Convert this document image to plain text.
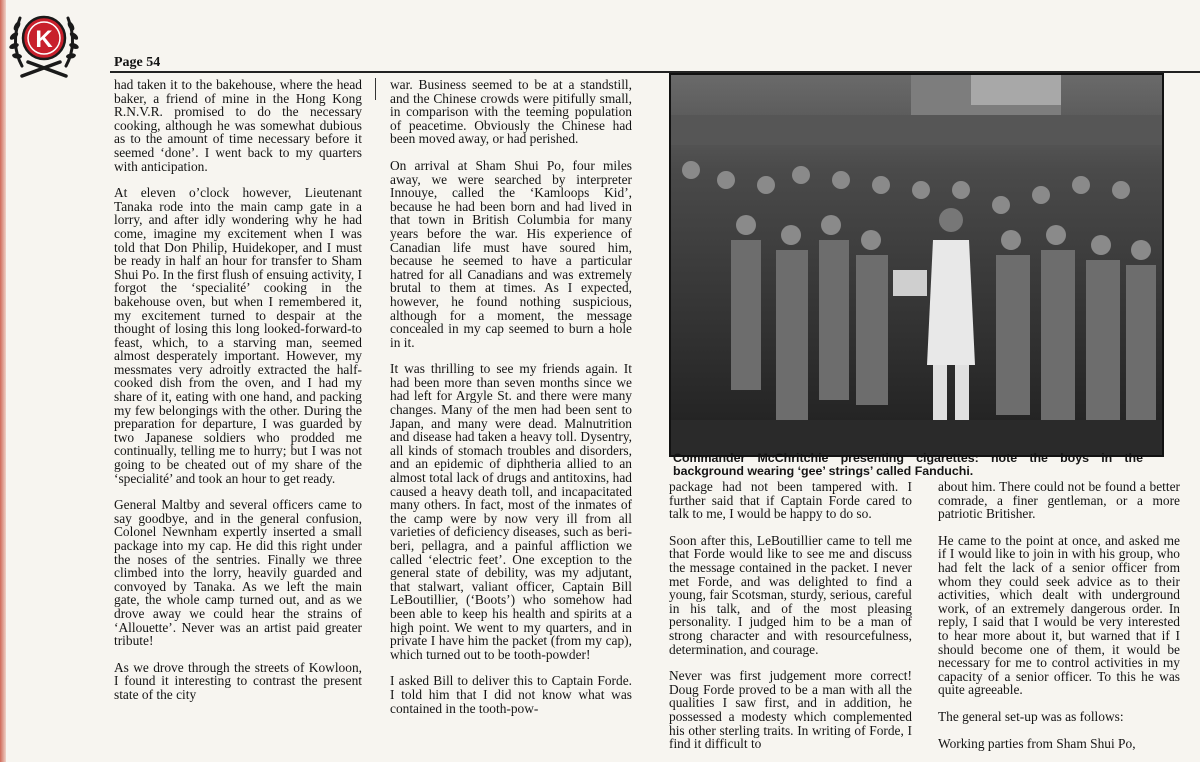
K
Page 54

had taken it to the bakehouse, where the head baker, a friend of mine in the Hong Kong R.N.V.R. promised to do the necessary cooking, although he was somewhat dubious as to the amount of time necessary before it seemed ‘done’. I went back to my quarters with anticipation.

At eleven o’clock however, Lieutenant Tanaka rode into the main camp gate in a lorry, and after idly wondering why he had come, imagine my excitement when I was told that Don Philip, Huidekoper, and I must be ready in half an hour for transfer to Sham Shui Po. In the first flush of ensuing activity, I forgot the ‘specialité’ cooking in the bakehouse oven, but when I remembered it, my excitement turned to despair at the thought of losing this long looked-forward-to feast, which, to a starving man, seemed almost desperately important. However, my messmates very adroitly extracted the half-cooked dish from the oven, and I had my share of it, eating with one hand, and packing my few belongings with the other. During the preparation for departure, I was guarded by two Japanese soldiers who prodded me continually, telling me to hurry; but I was not going to be cheated out of my share of the ‘specialité’ and took an hour to get ready.

General Maltby and several officers came to say goodbye, and in the general confusion, Colonel Newnham expertly inserted a small package into my cap. He did this right under the noses of the sentries. Finally we three climbed into the lorry, heavily guarded and convoyed by Tanaka. As we left the main gate, the whole camp turned out, and as we drove away we could hear the strains of ‘Allouette’. Never was an artist paid greater tribute!

As we drove through the streets of Kowloon, I found it interesting to contrast the present state of the city

war. Business seemed to be at a standstill, and the Chinese crowds were pitifully small, in comparison with the teeming population of peacetime. Obviously the Chinese had been moved away, or had perished.

On arrival at Sham Shui Po, four miles away, we were searched by interpreter Innouye, called the ‘Kamloops Kid’, because he had been born and had lived in that town in British Columbia for many years before the war. His experience of Canadian life must have soured him, because he seemed to have a particular hatred for all Canadians and was extremely brutal to them at times. As I expected, however, he found nothing suspicious, although for a moment, the message concealed in my cap seemed to burn a hole in it.

It was thrilling to see my friends again. It had been more than seven months since we had left for Argyle St. and there were many changes. Many of the men had been sent to Japan, and many were dead. Malnutrition and disease had taken a heavy toll. Dysentry, all kinds of stomach troubles and disorders, and an epidemic of diphtheria allied to an almost total lack of drugs and antitoxins, had caused a heavy death toll, and incapacitated many others. In fact, most of the inmates of the camp were by now very ill from all varieties of deficiency diseases, such as beri-beri, pellagra, and a painful affliction we called ‘electric feet’. One exception to the general state of debility, was my adjutant, that stalwart, valiant officer, Captain Bill LeBoutillier, (‘Boots’) who somehow had been able to keep his health and spirits at a high point. We went to my quarters, and in private I have him the packet (from my cap), which turned out to be tooth-powder!

I asked Bill to deliver this to Captain Forde. I told him that I did not know what was contained in the tooth-pow-

Commander McChritchie presenting cigarettes: note the boys in the background wearing ‘gee’ strings’ called Fanduchi.

package had not been tampered with. I further said that if Captain Forde cared to talk to me, I would be happy to do so.

Soon after this, LeBoutillier came to tell me that Forde would like to see me and discuss the message contained in the packet. I never met Forde, and was delighted to find a young, fair Scotsman, sturdy, serious, careful in his talk, and of the most pleasing personality. I judged him to be a man of strong character and with resourcefulness, determination, and courage.

Never was first judgement more correct! Doug Forde proved to be a man with all the qualities I saw first, and in addition, he possessed a modesty which complemented his other sterling traits. In writing of Forde, I find it difficult to

about him. There could not be found a better comrade, a finer gentleman, or a more patriotic Britisher.

He came to the point at once, and asked me if I would like to join in with his group, who had felt the lack of a senior officer from whom they could seek advice as to their activities, which dealt with underground work, of an extremely dangerous order. In reply, I said that I would be very interested to hear more about it, but warned that if I should become one of them, it would be necessary for me to control activities in my capacity of a senior officer. To this he was quite agreeable.

The general set-up was as follows:

Working parties from Sham Shui Po,
